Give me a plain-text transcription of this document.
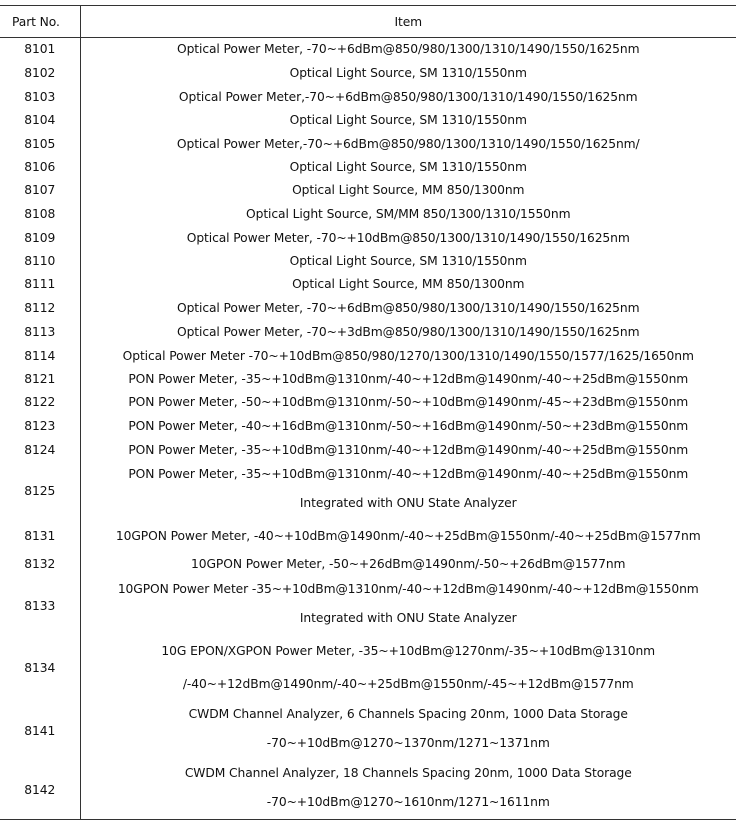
Part No.	Item
8101	Optical Power Meter, -70~+6dBm@850/980/1300/1310/1490/1550/1625nm

8102	Optical Light Source, SM 1310/1550nm

8103	Optical Power Meter,-70~+6dBm@850/980/1300/1310/1490/1550/1625nm

8104	Optical Light Source, SM 1310/1550nm

8105	Optical Power Meter,-70~+6dBm@850/980/1300/1310/1490/1550/1625nm/

8106	Optical Light Source, SM 1310/1550nm

8107	Optical Light Source, MM 850/1300nm

8108	Optical Light Source, SM/MM 850/1300/1310/1550nm

8109	Optical Power Meter, -70~+10dBm@850/1300/1310/1490/1550/1625nm

8110	Optical Light Source, SM 1310/1550nm

8111	Optical Light Source, MM 850/1300nm

8112	Optical Power Meter, -70~+6dBm@850/980/1300/1310/1490/1550/1625nm

8113	Optical Power Meter, -70~+3dBm@850/980/1300/1310/1490/1550/1625nm

8114	Optical Power Meter -70~+10dBm@850/980/1270/1300/1310/1490/1550/1577/1625/1650nm

8121	PON Power Meter, -35~+10dBm@1310nm/-40~+12dBm@1490nm/-40~+25dBm@1550nm

8122	PON Power Meter, -50~+10dBm@1310nm/-50~+10dBm@1490nm/-45~+23dBm@1550nm

8123	PON Power Meter, -40~+16dBm@1310nm/-50~+16dBm@1490nm/-50~+23dBm@1550nm

8124	PON Power Meter, -35~+10dBm@1310nm/-40~+12dBm@1490nm/-40~+25dBm@1550nm

8125	PON Power Meter, -35~+10dBm@1310nm/-40~+12dBm@1490nm/-40~+25dBm@1550nm
Integrated with ONU State Analyzer

8131	10GPON Power Meter, -40~+10dBm@1490nm/-40~+25dBm@1550nm/-40~+25dBm@1577nm

8132	10GPON Power Meter, -50~+26dBm@1490nm/-50~+26dBm@1577nm

8133	10GPON Power Meter -35~+10dBm@1310nm/-40~+12dBm@1490nm/-40~+12dBm@1550nm
Integrated with ONU State Analyzer

8134	10G EPON/XGPON Power Meter, -35~+10dBm@1270nm/-35~+10dBm@1310nm
/-40~+12dBm@1490nm/-40~+25dBm@1550nm/-45~+12dBm@1577nm

8141	CWDM Channel Analyzer, 6 Channels Spacing 20nm, 1000 Data Storage
-70~+10dBm@1270~1370nm/1271~1371nm

8142	CWDM Channel Analyzer, 18 Channels Spacing 20nm, 1000 Data Storage
-70~+10dBm@1270~1610nm/1271~1611nm
